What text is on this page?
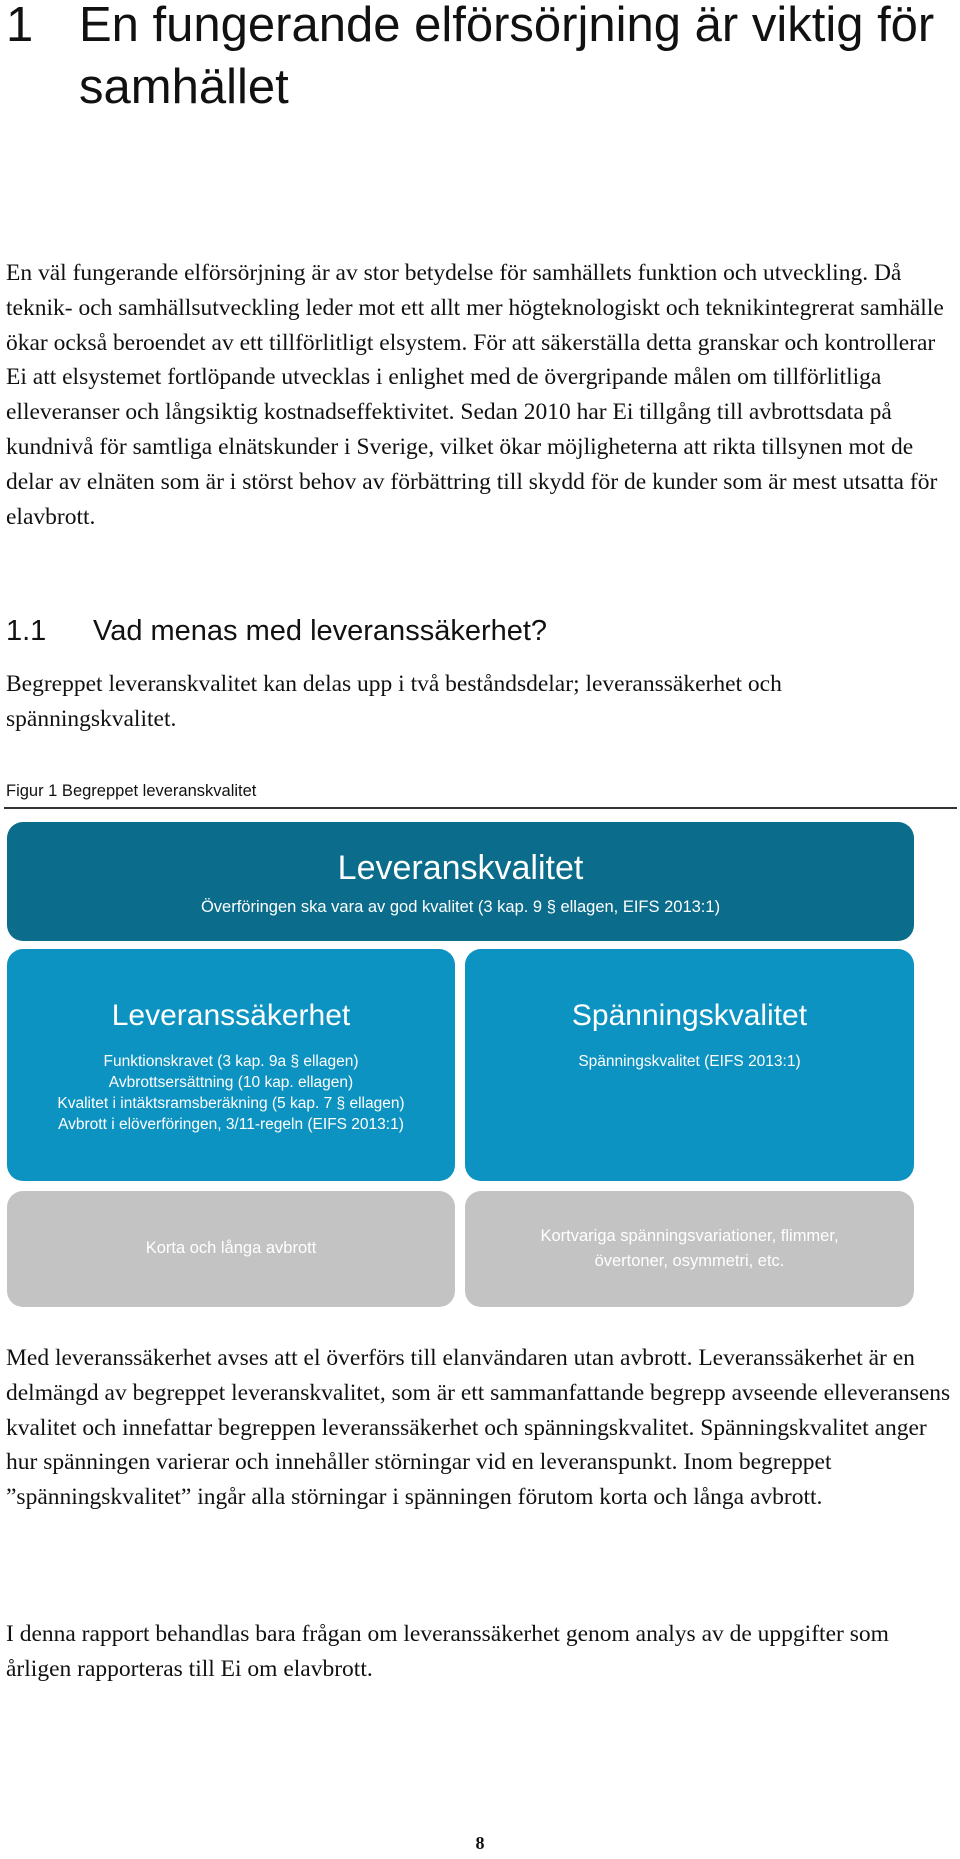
1 En fungerande elförsörjning är viktig för samhället

En väl fungerande elförsörjning är av stor betydelse för samhällets funktion och utveckling. Då teknik- och samhällsutveckling leder mot ett allt mer högteknologiskt och teknikintegrerat samhälle ökar också beroendet av ett tillförlitligt elsystem. För att säkerställa detta granskar och kontrollerar Ei att elsystemet fortlöpande utvecklas i enlighet med de övergripande målen om tillförlitliga elleveranser och långsiktig kostnadseffektivitet. Sedan 2010 har Ei tillgång till avbrottsdata på kundnivå för samtliga elnätskunder i Sverige, vilket ökar möjligheterna att rikta tillsynen mot de delar av elnäten som är i störst behov av förbättring till skydd för de kunder som är mest utsatta för elavbrott.

1.1 Vad menas med leveranssäkerhet?

Begreppet leveranskvalitet kan delas upp i två beståndsdelar; leveranssäkerhet och spänningskvalitet.

Figur 1 Begreppet leveranskvalitet
Leveranskvalitet
Överföringen ska vara av god kvalitet (3 kap. 9 § ellagen, EIFS 2013:1)
Leveranssäkerhet
Funktionskravet (3 kap. 9a § ellagen)
Avbrottsersättning (10 kap. ellagen)
Kvalitet i intäktsramsberäkning (5 kap. 7 § ellagen)
Avbrott i elöverföringen, 3/11-regeln (EIFS 2013:1)
Spänningskvalitet
Spänningskvalitet (EIFS 2013:1)
Korta och långa avbrott
Kortvariga spänningsvariationer, flimmer,
övertoner, osymmetri, etc.

Med leveranssäkerhet avses att el överförs till elanvändaren utan avbrott. Leveranssäkerhet är en delmängd av begreppet leveranskvalitet, som är ett sammanfattande begrepp avseende elleveransens kvalitet och innefattar begreppen leveranssäkerhet och spänningskvalitet. Spänningskvalitet anger hur spänningen varierar och innehåller störningar vid en leveranspunkt. Inom begreppet ”spänningskvalitet” ingår alla störningar i spänningen förutom korta och långa avbrott.

I denna rapport behandlas bara frågan om leveranssäkerhet genom analys av de uppgifter som årligen rapporteras till Ei om elavbrott.

8
